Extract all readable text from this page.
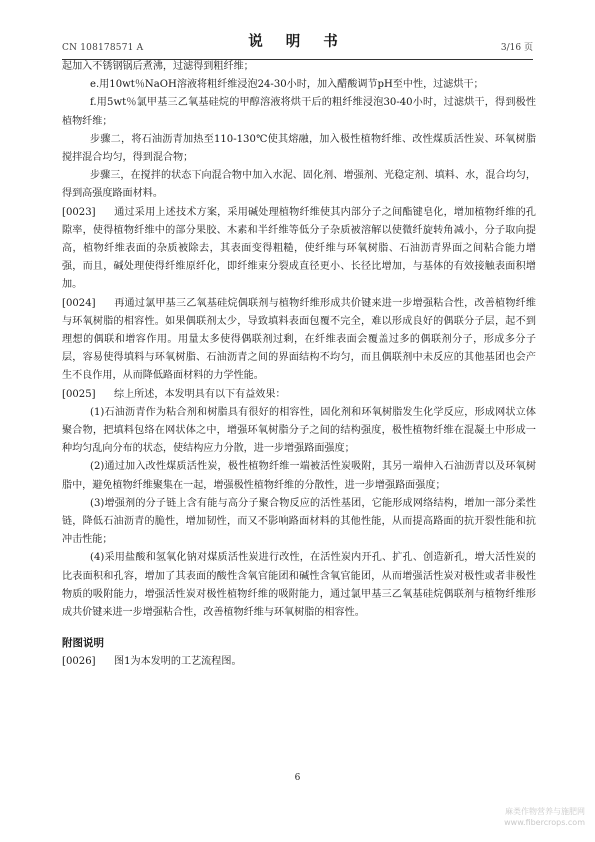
CN 108178571 A	说 明 书	3/16 页

起加入不锈钢锅后煮沸，过滤得到粗纤维；

e.用10wt％NaOH溶液将粗纤维浸泡24-30小时，加入醋酸调节pH至中性，过滤烘干；

f.用5wt％氯甲基三乙氧基硅烷的甲醇溶液将烘干后的粗纤维浸泡30-40小时，过滤烘干，得到极性植物纤维；

步骤二，将石油沥青加热至110-130℃使其熔融，加入极性植物纤维、改性煤质活性炭、环氧树脂搅拌混合均匀，得到混合物；

步骤三，在搅拌的状态下向混合物中加入水泥、固化剂、增强剂、光稳定剂、填料、水，混合均匀，得到高强度路面材料。

[0023] 通过采用上述技术方案，采用碱处理植物纤维使其内部分子之间酯键皂化，增加植物纤维的孔隙率，使得植物纤维中的部分果胶、木素和半纤维等低分子杂质被溶解以使微纤旋转角减小，分子取向提高，植物纤维表面的杂质被除去，其表面变得粗糙，使纤维与环氧树脂、石油沥青界面之间粘合能力增强，而且，碱处理使得纤维原纤化，即纤维束分裂成直径更小、长径比增加，与基体的有效接触表面积增加。

[0024] 再通过氯甲基三乙氧基硅烷偶联剂与植物纤维形成共价键来进一步增强粘合性，改善植物纤维与环氧树脂的相容性。如果偶联剂太少，导致填料表面包覆不完全，难以形成良好的偶联分子层，起不到理想的偶联和增容作用。用量太多使得偶联剂过剩，在纤维表面会覆盖过多的偶联剂分子，形成多分子层，容易使得填料与环氧树脂、石油沥青之间的界面结构不均匀，而且偶联剂中未反应的其他基团也会产生不良作用，从而降低路面材料的力学性能。

[0025] 综上所述，本发明具有以下有益效果：

(1)石油沥青作为粘合剂和树脂具有很好的相容性，固化剂和环氧树脂发生化学反应，形成网状立体聚合物，把填料包络在网状体之中，增强环氧树脂分子之间的结构强度，极性植物纤维在混凝土中形成一种均匀乱向分布的状态，使结构应力分散，进一步增强路面强度；

(2)通过加入改性煤质活性炭，极性植物纤维一端被活性炭吸附，其另一端伸入石油沥青以及环氧树脂中，避免植物纤维聚集在一起，增强极性植物纤维的分散性，进一步增强路面强度；

(3)增强剂的分子链上含有能与高分子聚合物反应的活性基团，它能形成网络结构，增加一部分柔性链，降低石油沥青的脆性，增加韧性，而又不影响路面材料的其他性能，从而提高路面的抗开裂性能和抗冲击性能；

(4)采用盐酸和氢氧化钠对煤质活性炭进行改性，在活性炭内开孔、扩孔、创造新孔，增大活性炭的比表面积和孔容，增加了其表面的酸性含氧官能团和碱性含氧官能团，从而增强活性炭对极性或者非极性物质的吸附能力，增强活性炭对极性植物纤维的吸附能力，通过氯甲基三乙氧基硅烷偶联剂与植物纤维形成共价键来进一步增强粘合性，改善植物纤维与环氧树脂的相容性。

附图说明

[0026] 图1为本发明的工艺流程图。

6
麻类作物营养与施肥网
www.fibercrops.com
